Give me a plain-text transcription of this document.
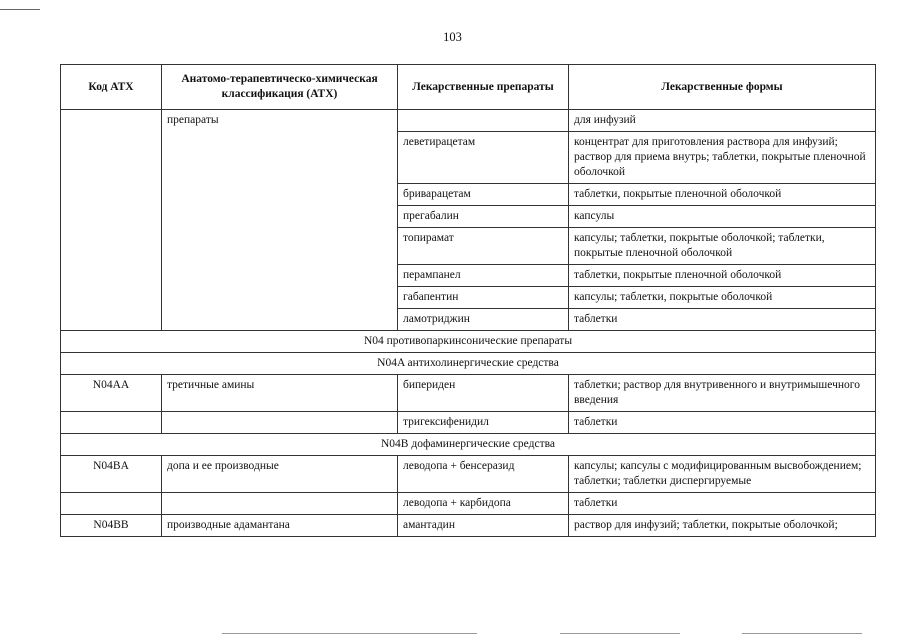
103
Код АТХ	Анатомо-терапевтическо-химическая классификация (АТХ)	Лекарственные препараты	Лекарственные формы
	препараты		для инфузий
		леветирацетам	концентрат для приготовления раствора для инфузий; раствор для приема внутрь; таблетки, покрытые пленочной оболочкой
		бриварацетам	таблетки, покрытые пленочной оболочкой
		прегабалин	капсулы
		топирамат	капсулы; таблетки, покрытые оболочкой; таблетки, покрытые пленочной оболочкой
		перампанел	таблетки, покрытые пленочной оболочкой
		габапентин	капсулы; таблетки, покрытые оболочкой
		ламотриджин	таблетки
N04 противопаркинсонические препараты			
N04A антихолинергические средства			
N04AA	третичные амины	бипериден	таблетки; раствор для внутривенного и внутримышечного введения
		тригексифенидил	таблетки
N04B дофаминергические средства			
N04BA	допа и ее производные	леводопа + бенсеразид	капсулы; капсулы с модифицированным высвобождением; таблетки; таблетки диспергируемые
		леводопа + карбидопа	таблетки
N04BB	производные адамантана	амантадин	раствор для инфузий; таблетки, покрытые оболочкой;
